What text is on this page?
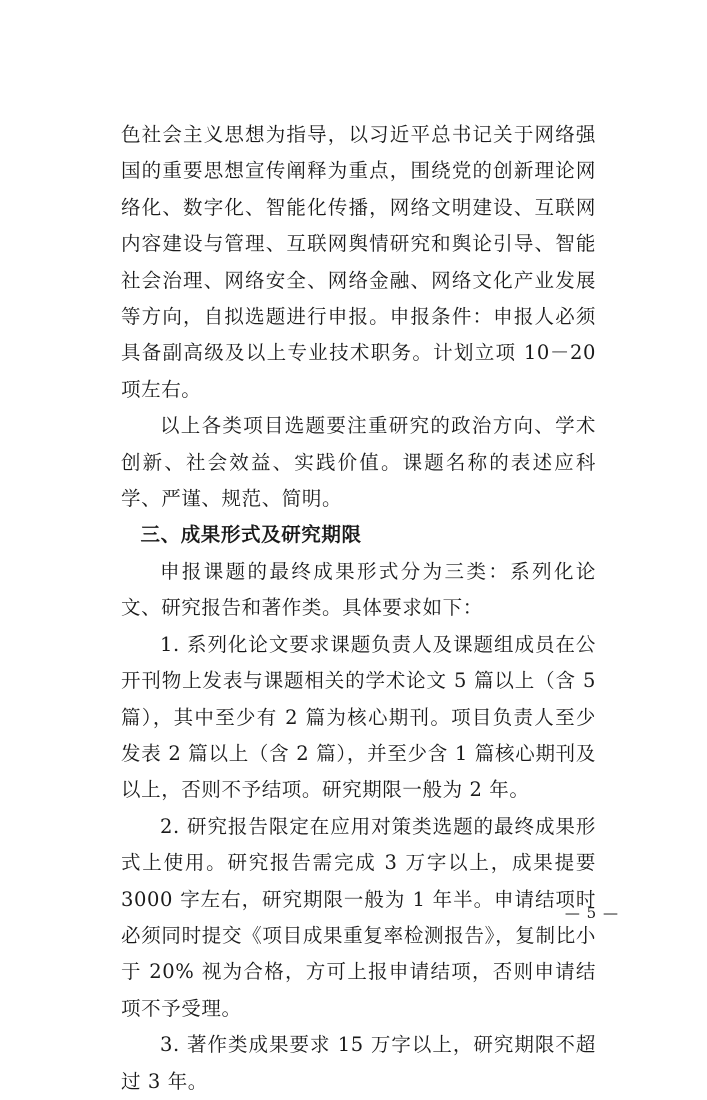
色社会主义思想为指导，以习近平总书记关于网络强国的重要思想宣传阐释为重点，围绕党的创新理论网络化、数字化、智能化传播，网络文明建设、互联网内容建设与管理、互联网舆情研究和舆论引导、智能社会治理、网络安全、网络金融、网络文化产业发展等方向，自拟选题进行申报。申报条件：申报人必须具备副高级及以上专业技术职务。计划立项 10－20 项左右。

以上各类项目选题要注重研究的政治方向、学术创新、社会效益、实践价值。课题名称的表述应科学、严谨、规范、简明。

三、成果形式及研究期限

申报课题的最终成果形式分为三类：系列化论文、研究报告和著作类。具体要求如下：

1. 系列化论文要求课题负责人及课题组成员在公开刊物上发表与课题相关的学术论文 5 篇以上（含 5 篇），其中至少有 2 篇为核心期刊。项目负责人至少发表 2 篇以上（含 2 篇），并至少含 1 篇核心期刊及以上，否则不予结项。研究期限一般为 2 年。

2. 研究报告限定在应用对策类选题的最终成果形式上使用。研究报告需完成 3 万字以上，成果提要 3000 字左右，研究期限一般为 1 年半。申请结项时必须同时提交《项目成果重复率检测报告》，复制比小于 20% 视为合格，方可上报申请结项，否则申请结项不予受理。

3. 著作类成果要求 15 万字以上，研究期限不超过 3 年。

— 5 —
